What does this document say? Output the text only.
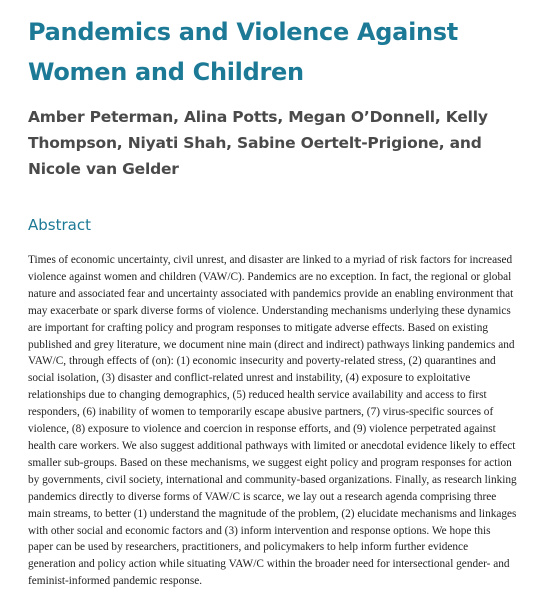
Pandemics and Violence Against Women and Children

Amber Peterman, Alina Potts, Megan O’Donnell, Kelly Thompson, Niyati Shah, Sabine Oertelt-Prigione, and Nicole van Gelder

Abstract

Times of economic uncertainty, civil unrest, and disaster are linked to a myriad of risk factors for increased violence against women and children (VAW/C). Pandemics are no exception. In fact, the regional or global nature and associated fear and uncertainty associated with pandemics provide an enabling environment that may exacerbate or spark diverse forms of violence. Understanding mechanisms underlying these dynamics are important for crafting policy and program responses to mitigate adverse effects. Based on existing published and grey literature, we document nine main (direct and indirect) pathways linking pandemics and VAW/C, through effects of (on): (1) economic insecurity and poverty-related stress, (2) quarantines and social isolation, (3) disaster and conflict-related unrest and instability, (4) exposure to exploitative relationships due to changing demographics, (5) reduced health service availability and access to first responders, (6) inability of women to temporarily escape abusive partners, (7) virus-specific sources of violence, (8) exposure to violence and coercion in response efforts, and (9) violence perpetrated against health care workers. We also suggest additional pathways with limited or anecdotal evidence likely to effect smaller sub-groups. Based on these mechanisms, we suggest eight policy and program responses for action by governments, civil society, international and community-based organizations. Finally, as research linking pandemics directly to diverse forms of VAW/C is scarce, we lay out a research agenda comprising three main streams, to better (1) understand the magnitude of the problem, (2) elucidate mechanisms and linkages with other social and economic factors and (3) inform intervention and response options. We hope this paper can be used by researchers, practitioners, and policymakers to help inform further evidence generation and policy action while situating VAW/C within the broader need for intersectional gender- and feminist-informed pandemic response.
